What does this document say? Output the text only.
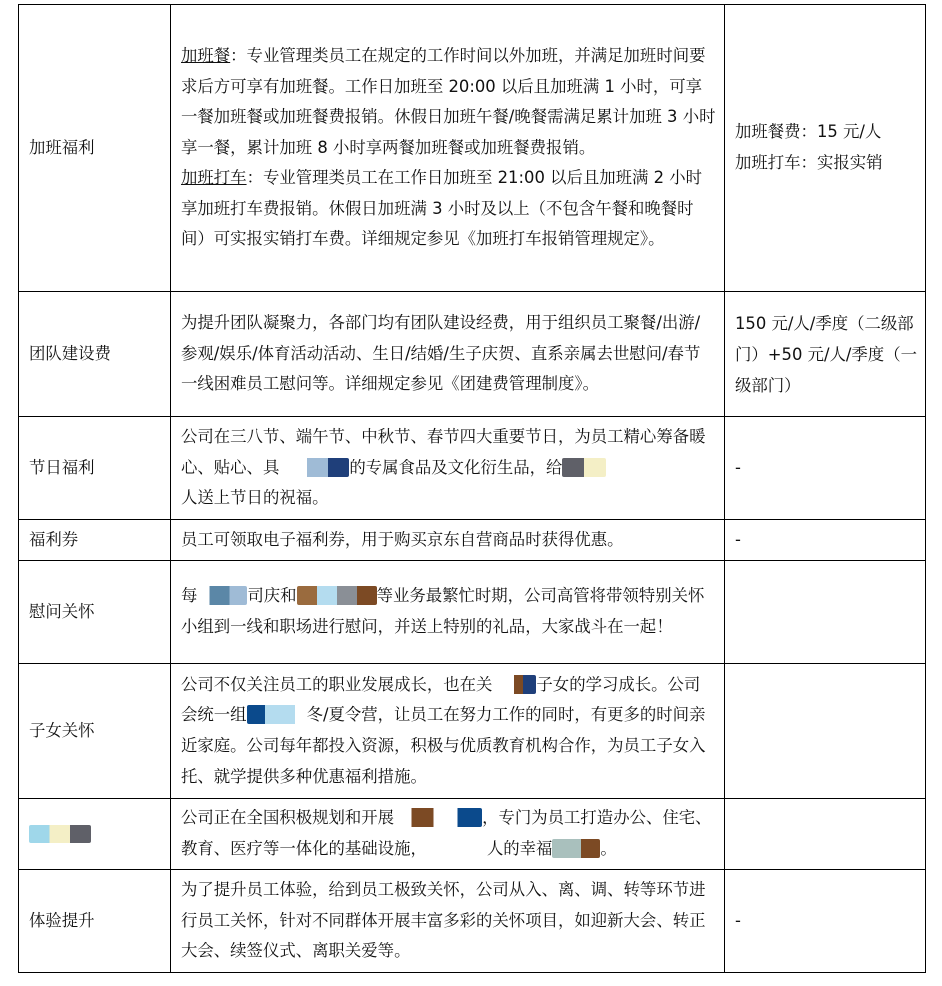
加班福利	加班餐：专业管理类员工在规定的工作时间以外加班，并满足加班时间要求后方可享有加班餐。工作日加班至 20:00 以后且加班满 1 小时，可享一餐加班餐或加班餐费报销。休假日加班午餐/晚餐需满足累计加班 3 小时享一餐，累计加班 8 小时享两餐加班餐或加班餐费报销。
加班打车：专业管理类员工在工作日加班至 21:00 以后且加班满 2 小时享加班打车费报销。休假日加班满 3 小时及以上（不包含午餐和晚餐时间）可实报实销打车费。详细规定参见《加班打车报销管理规定》。	加班餐费：15 元/人
加班打车：实报实销
团队建设费	为提升团队凝聚力，各部门均有团队建设经费，用于组织员工聚餐/出游/参观/娱乐/体育活动活动、生日/结婚/生子庆贺、直系亲属去世慰问/春节一线困难员工慰问等。详细规定参见《团建费管理制度》。	150 元/人/季度（二级部门）+50 元/人/季度（一级部门）
节日福利	公司在三八节、端午节、中秋节、春节四大重要节日，为员工精心筹备暖心、贴心、具 的专属食品及文化衍生品，给
人送上节日的祝福。	-
福利券	员工可领取电子福利券，用于购买京东自营商品时获得优惠。	-
慰问关怀	每 司庆和 等业务最繁忙时期，公司高管将带领特别关怀小组到一线和职场进行慰问，并送上特别的礼品，大家战斗在一起！	
子女关怀	公司不仅关注员工的职业发展成长，也在关 子女的学习成长。公司会统一组 冬/夏令营，让员工在努力工作的同时，有更多的时间亲近家庭。公司每年都投入资源，积极与优质教育机构合作，为员工子女入托、就学提供多种优惠福利措施。	
	公司正在全国积极规划和开展 ，专门为员工打造办公、住宅、教育、医疗等一体化的基础设施， 人的幸福 。	
体验提升	为了提升员工体验，给到员工极致关怀，公司从入、离、调、转等环节进行员工关怀，针对不同群体开展丰富多彩的关怀项目，如迎新大会、转正大会、续签仪式、离职关爱等。	-
